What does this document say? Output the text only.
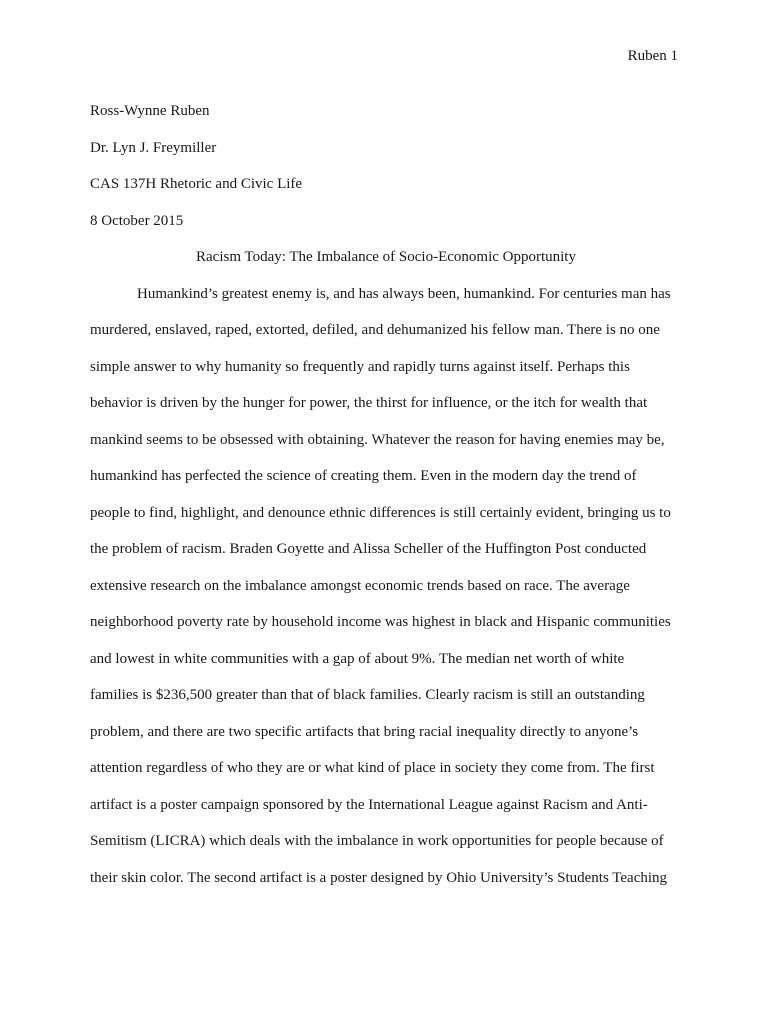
Ruben 1
Ross-Wynne Ruben
Dr. Lyn J. Freymiller
CAS 137H Rhetoric and Civic Life
8 October 2015
Racism Today: The Imbalance of Socio-Economic Opportunity
Humankind’s greatest enemy is, and has always been, humankind. For centuries man has
murdered, enslaved, raped, extorted, defiled, and dehumanized his fellow man. There is no one
simple answer to why humanity so frequently and rapidly turns against itself. Perhaps this
behavior is driven by the hunger for power, the thirst for influence, or the itch for wealth that
mankind seems to be obsessed with obtaining. Whatever the reason for having enemies may be,
humankind has perfected the science of creating them. Even in the modern day the trend of
people to find, highlight, and denounce ethnic differences is still certainly evident, bringing us to
the problem of racism. Braden Goyette and Alissa Scheller of the Huffington Post conducted
extensive research on the imbalance amongst economic trends based on race. The average
neighborhood poverty rate by household income was highest in black and Hispanic communities
and lowest in white communities with a gap of about 9%. The median net worth of white
families is $236,500 greater than that of black families. Clearly racism is still an outstanding
problem, and there are two specific artifacts that bring racial inequality directly to anyone’s
attention regardless of who they are or what kind of place in society they come from. The first
artifact is a poster campaign sponsored by the International League against Racism and Anti-
Semitism (LICRA) which deals with the imbalance in work opportunities for people because of
their skin color. The second artifact is a poster designed by Ohio University’s Students Teaching
